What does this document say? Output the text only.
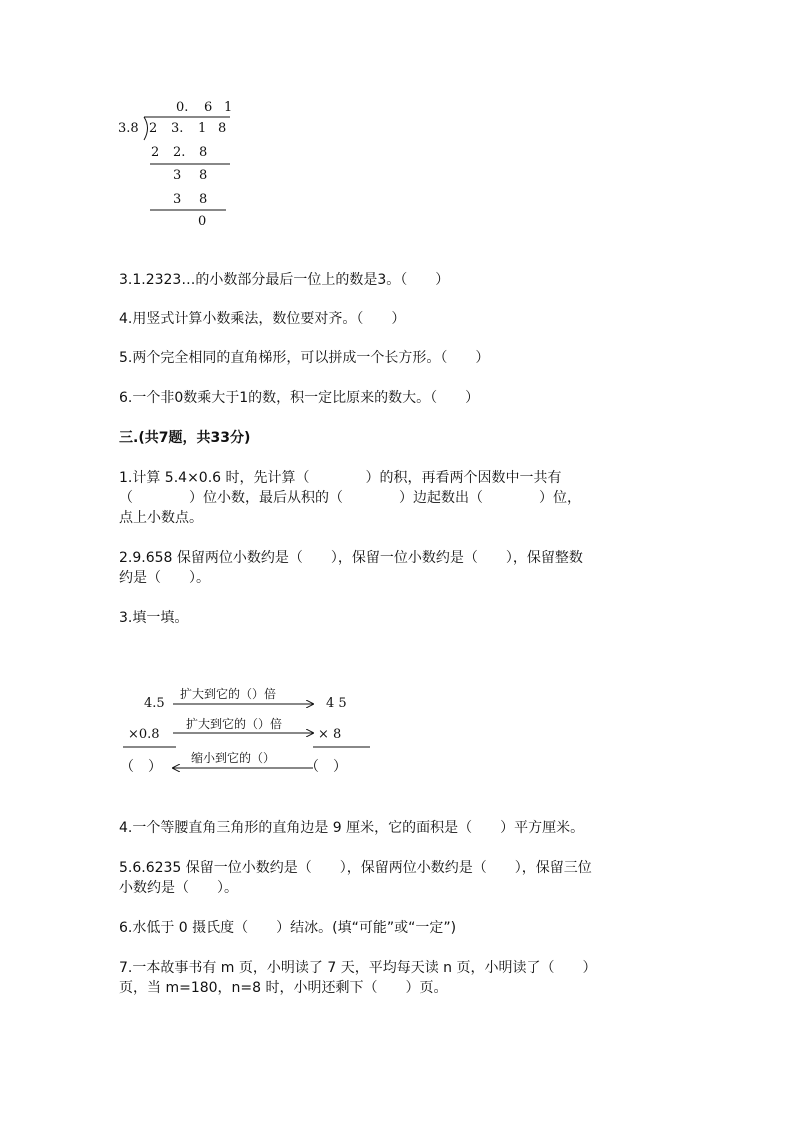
0. 6 1
3.8 2 3. 1 8
2 2. 8
3 8
3 8
0
3.1.2323…的小数部分最后一位上的数是3。（　　）
4.用竖式计算小数乘法，数位要对齐。（　　）
5.两个完全相同的直角梯形，可以拼成一个长方形。（　　）
6.一个非0数乘大于1的数，积一定比原来的数大。（　　）
三.(共7题，共33分)
1.计算 5.4×0.6 时，先计算（　　　　）的积，再看两个因数中一共有
（　　　　）位小数，最后从积的（　　　　）边起数出（　　　　）位，
点上小数点。
2.9.658 保留两位小数约是（　　），保留一位小数约是（　　），保留整数
约是（　　）。
3.填一填。
4.5
×0.8
（　）
4 5
× 8
（　）
扩大到它的（）倍
扩大到它的（）倍
缩小到它的（）
4.一个等腰直角三角形的直角边是 9 厘米，它的面积是（　　）平方厘米。
5.6.6235 保留一位小数约是（　　），保留两位小数约是（　　），保留三位
小数约是（　　）。
6.水低于 0 摄氏度（　　）结冰。(填“可能”或“一定”)
7.一本故事书有 m 页，小明读了 7 天，平均每天读 n 页，小明读了（　　）
页，当 m=180，n=8 时，小明还剩下（　　）页。
